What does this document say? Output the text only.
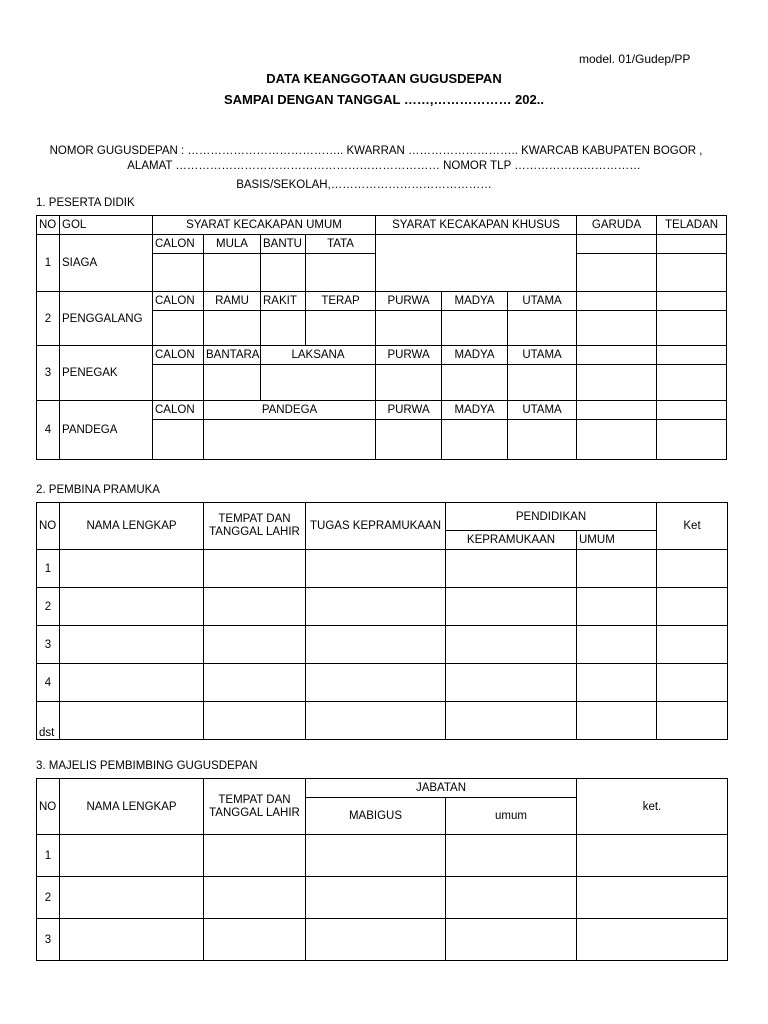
model. 01/Gudep/PP
DATA KEANGGOTAAN GUGUSDEPAN
SAMPAI DENGAN TANGGAL ……,……………… 202..
NOMOR GUGUSDEPAN : ………………………………….. KWARRAN ……………………….. KWARCAB KABUPATEN BOGOR ,
ALAMAT …………………………………………………………… NOMOR TLP ……………………………
BASIS/SEKOLAH,……………………………………
1. PESERTA DIDIK
NO	GOL	SYARAT KECAKAPAN UMUM				SYARAT KECAKAPAN KHUSUS			GARUDA	TELADAN
1	SIAGA	CALON	MULA	BANTU	TATA					

2	PENGGALANG	CALON	RAMU	RAKIT	TERAP	PURWA	MADYA	UTAMA		

3	PENEGAK	CALON	BANTARA	LAKSANA		PURWA	MADYA	UTAMA		

4	PANDEGA	CALON	PANDEGA			PURWA	MADYA	UTAMA		

2. PEMBINA PRAMUKA
NO	NAMA LENGKAP	TEMPAT DAN TANGGAL LAHIR	TUGAS KEPRAMUKAAN	PENDIDIKAN		Ket
				KEPRAMUKAAN	UMUM	
1						
2						
3						
4						
dst						
3. MAJELIS PEMBIMBING GUGUSDEPAN
NO	NAMA LENGKAP	TEMPAT DAN TANGGAL LAHIR	JABATAN		ket.
			MABIGUS	umum	
1					
2					
3					
